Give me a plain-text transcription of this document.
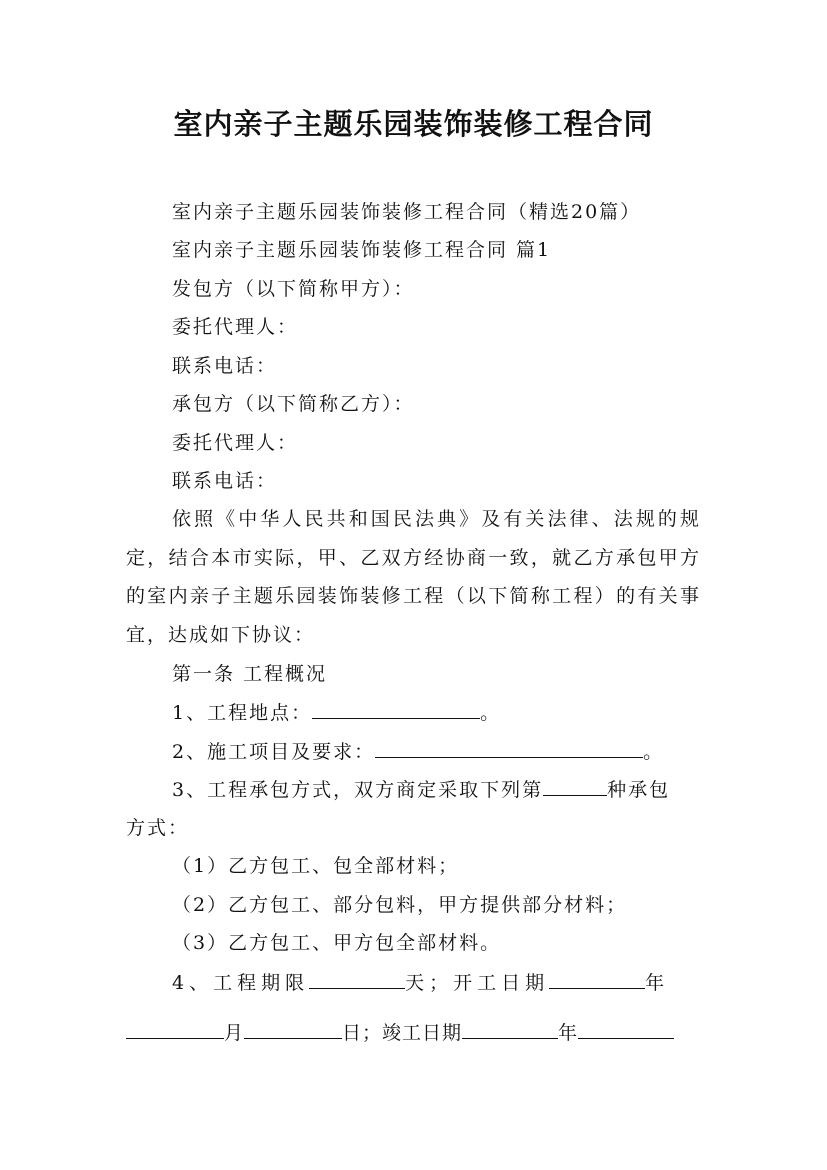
室内亲子主题乐园装饰装修工程合同
室内亲子主题乐园装饰装修工程合同（精选20篇）
室内亲子主题乐园装饰装修工程合同 篇1
发包方（以下简称甲方）：
委托代理人：
联系电话：
承包方（以下简称乙方）：
委托代理人：
联系电话：
依照《中华人民共和国民法典》及有关法律、法规的规定，结合本市实际，甲、乙双方经协商一致，就乙方承包甲方的室内亲子主题乐园装饰装修工程（以下简称工程）的有关事宜，达成如下协议：
第一条 工程概况
1、工程地点：	。
2、施工项目及要求：	。
3、工程承包方式，双方商定采取下列第	种承包
方式：
（1）乙方包工、包全部材料；
（2）乙方包工、部分包料，甲方提供部分材料；
（3）乙方包工、甲方包全部材料。
4、工程期限	天；开工日期	年
月	日；竣工日期	年
